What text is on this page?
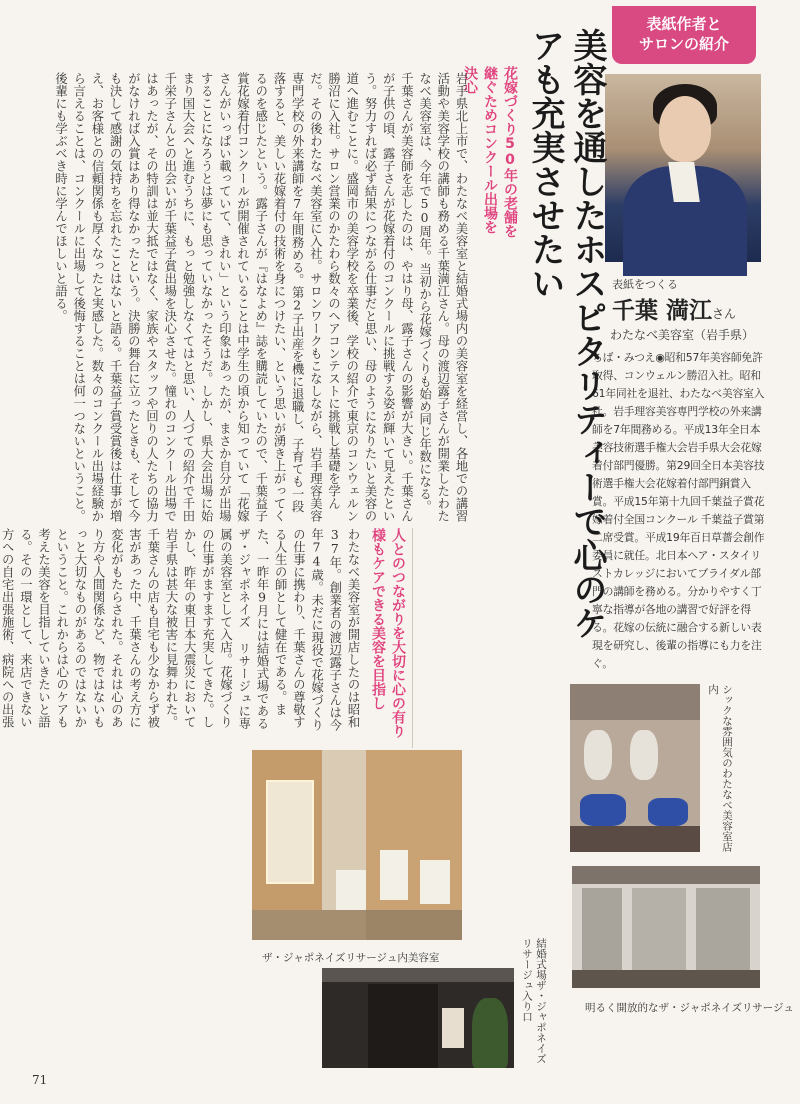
表紙作者と
サロンの紹介
表紙をつくる
千葉 満江さん
わたなべ美容室（岩手県）
ちば・みつえ◉昭和57年美容師免許取得、コンウェルン勝沼入社。昭和61年同社を退社、わたなべ美容室入社。岩手理容美容専門学校の外来講師を7年間務める。平成13年全日本美容技術選手権大会岩手県大会花嫁着付部門優勝。第29回全日本美容技術選手権大会花嫁着付部門銅賞入賞。平成15年第十九回千葉益子賞花嫁着付全国コンクール 千葉益子賞第二席受賞。平成19年百日草薔会創作委員に就任。北日本ヘア・スタイリストカレッジにおいてブライダル部門の講師を務める。分かりやすく丁寧な指導が各地の講習で好評を得る。花嫁の伝統に融合する新しい表現を研究し、後輩の指導にも力を注ぐ。
美容を通したホスピタリティーで心のケアも充実させたい
花嫁づくり50年の老舗を継ぐためコンクール出場を決心
岩手県北上市で、わたなべ美容室と結婚式場内の美容室を経営し、各地での講習活動や美容学校の講師も務める千葉満江さん。母の渡辺露子さんが開業したわたなべ美容室は、今年で50周年。当初から花嫁づくりも始め同じ年数になる。千葉さんが美容師を志したのは、やはり母、露子さんの影響が大きい。千葉さんが子供の頃、露子さんが花嫁着付のコンクールに挑戦する姿が輝いて見えたという。努力すれば必ず結果につながる仕事だと思い、母のようになりたいと美容の道へ進むことに。盛岡市の美容学校を卒業後、学校の紹介で東京のコンウェルン勝沼に入社。サロン営業のかたわら数々のヘアコンテストに挑戦し基礎を学んだ。その後わたなべ美容室に入社。サロンワークもこなしながら、岩手理容美容専門学校の外来講師を7年間務める。第2子出産を機に退職し、子育ても一段落すると、美しい花嫁着付の技術を身につけたい、という思いが湧き上がってくるのを感じたという。露子さんが『はなよめ』誌を購読していたので、千葉益子賞花嫁着付コンクールが開催されていることは中学生の頃から知っていて「花嫁さんがいっぱい載っていて、きれい」という印象はあったが、まさか自分が出場することになろうとは夢にも思っていなかったそうだ。しかし、県大会出場に始まり国大会へと進むうちに、もっと勉強しなくてはと思い、人づての紹介で千田千栄子さんとの出会いが千葉益子賞出場を決心させた。憧れのコンクール出場ではあったが、その特訓は並大抵ではなく、家族やスタッフや回りの人たちの協力がなければ入賞はあり得なかったという。決勝の舞台に立ったときも、そして今も決して感謝の気持ちを忘れたことはないと語る。千葉益子賞受賞後は仕事が増え、お客様との信頼関係も厚くなったと実感した。数々のコンクール出場経験から言えることは、コンクールに出場して後悔することは何一つないということ。後輩にも学ぶべき時に学んでほしいと語る。
人とのつながりを大切に心の有り様もケアできる美容を目指し
わたなべ美容室が開店したのは昭和37年。創業者の渡辺露子さんは今年74歳。未だに現役で花嫁づくりの仕事に携わり、千葉さんの尊敬する人生の師として健在である。また、一昨年9月には結婚式場であるザ・ジャポネイズ リサージュに専属の美容室として入店。花嫁づくりの仕事がますます充実してきた。しかし、昨年の東日本大震災において岩手県は甚大な被害に見舞われた。千葉さんの店も自宅も少なからず被害があった中、千葉さんの考え方に変化がもたらされた。それは心のあり方や人間関係など、物ではないもっと大切なものがあるのではないかということ。これからは心のケアも考えた美容を目指していきたいと語る。その一環として、来店できない方への自宅出張施術、病院への出張	シックな雰囲気のわたなべ美容室店内
明るく開放的なザ・ジャポネイズリサージュ
ザ・ジャポネイズリサージュ内美容室	結婚式場ザ・ジャポネイズリサージュ入り口
71
